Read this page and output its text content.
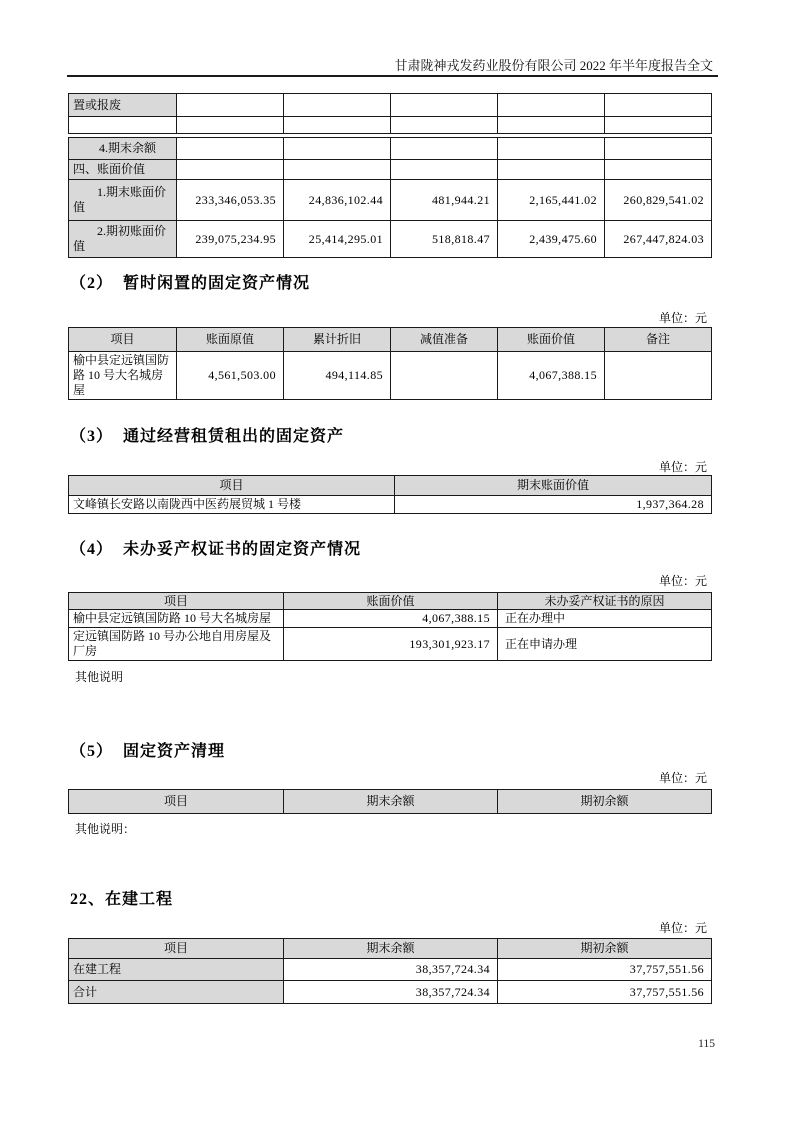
甘肃陇神戎发药业股份有限公司 2022 年半年度报告全文
置或报废					

4.期末余额					
四、账面价值					
1.期末账面价值	233,346,053.35	24,836,102.44	481,944.21	2,165,441.02	260,829,541.02
2.期初账面价值	239,075,234.95	25,414,295.01	518,818.47	2,439,475.60	267,447,824.03
（2） 暂时闲置的固定资产情况
单位：元
项目	账面原值	累计折旧	减值准备	账面价值	备注
榆中县定远镇国防路 10 号大名城房屋	4,561,503.00	494,114.85		4,067,388.15	
（3） 通过经营租赁租出的固定资产
单位：元
项目	期末账面价值
文峰镇长安路以南陇西中医药展贸城 1 号楼	1,937,364.28
（4） 未办妥产权证书的固定资产情况
单位：元
项目	账面价值	未办妥产权证书的原因
榆中县定远镇国防路 10 号大名城房屋	4,067,388.15	正在办理中
定远镇国防路 10 号办公地自用房屋及厂房	193,301,923.17	正在申请办理
其他说明
（5） 固定资产清理
单位：元
项目	期末余额	期初余额
其他说明：
22、在建工程
单位：元
项目	期末余额	期初余额
在建工程	38,357,724.34	37,757,551.56
合计	38,357,724.34	37,757,551.56
115
